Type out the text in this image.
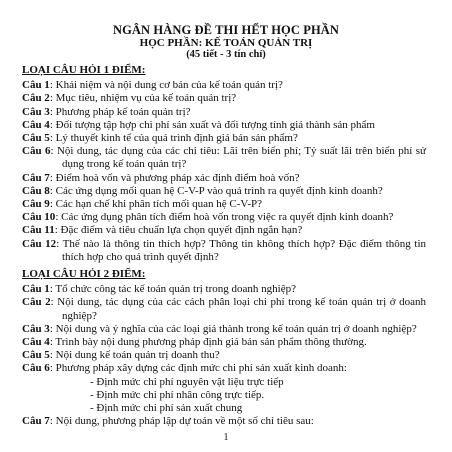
NGÂN HÀNG ĐỀ THI HẾT HỌC PHẦN
HỌC PHẦN: KẾ TOÁN QUẢN TRỊ
(45 tiết - 3 tín chỉ)
LOẠI CÂU HỎI 1 ĐIỂM:
Câu 1: Khái niệm và nội dung cơ bản của kế toán quản trị?
Câu 2: Mục tiêu, nhiệm vụ của kế toán quản trị?
Câu 3: Phương pháp kế toán quản trị?
Câu 4: Đối tượng tập hợp chi phí sản xuất và đối tượng tính giá thành sản phẩm
Câu 5: Lý thuyết kinh tế của quá trình định giá bán sản phẩm?
Câu 6: Nội dung, tác dụng của các chỉ tiêu: Lãi trên biến phí; Tỷ suất lãi trên biến phí sử dụng trong kế toán quản trị?
Câu 7: Điểm hoà vốn và phương pháp xác định điểm hoà vốn?
Câu 8: Các ứng dụng mối quan hệ C-V-P vào quá trình ra quyết định kinh doanh?
Câu 9: Các hạn chế khi phân tích mối quan hệ C-V-P?
Câu 10: Các ứng dụng phân tích điểm hoà vốn trong việc ra quyết định kinh doanh?
Câu 11: Đặc điểm và tiêu chuẩn lựa chọn quyết định ngắn hạn?
Câu 12: Thế nào là thông tin thích hợp? Thông tin không thích hợp? Đặc điểm thông tin thích hợp cho quá trình quyết định?
LOẠI CÂU HỎI 2 ĐIỂM:
Câu 1: Tổ chức công tác kế toán quản trị trong doanh nghiệp?
Câu 2: Nội dung, tác dụng của các cách phân loại chi phí trong kế toán quản trị ở doanh nghiệp?
Câu 3: Nội dung và ý nghĩa của các loại giá thành trong kế toán quản trị ở doanh nghiệp?
Câu 4: Trình bày nội dung phương pháp định giá bán sản phẩm thông thường.
Câu 5: Nội dung kế toán quản trị doanh thu?
Câu 6: Phương pháp xây dựng các định mức chi phí sản xuất kinh doanh:
- Định mức chi phí nguyên vật liệu trực tiếp
- Định mức chi phí nhân công trực tiếp.
- Định mức chi phí sản xuất chung
Câu 7: Nội dung, phương pháp lập dự toán về một số chỉ tiêu sau:
1
